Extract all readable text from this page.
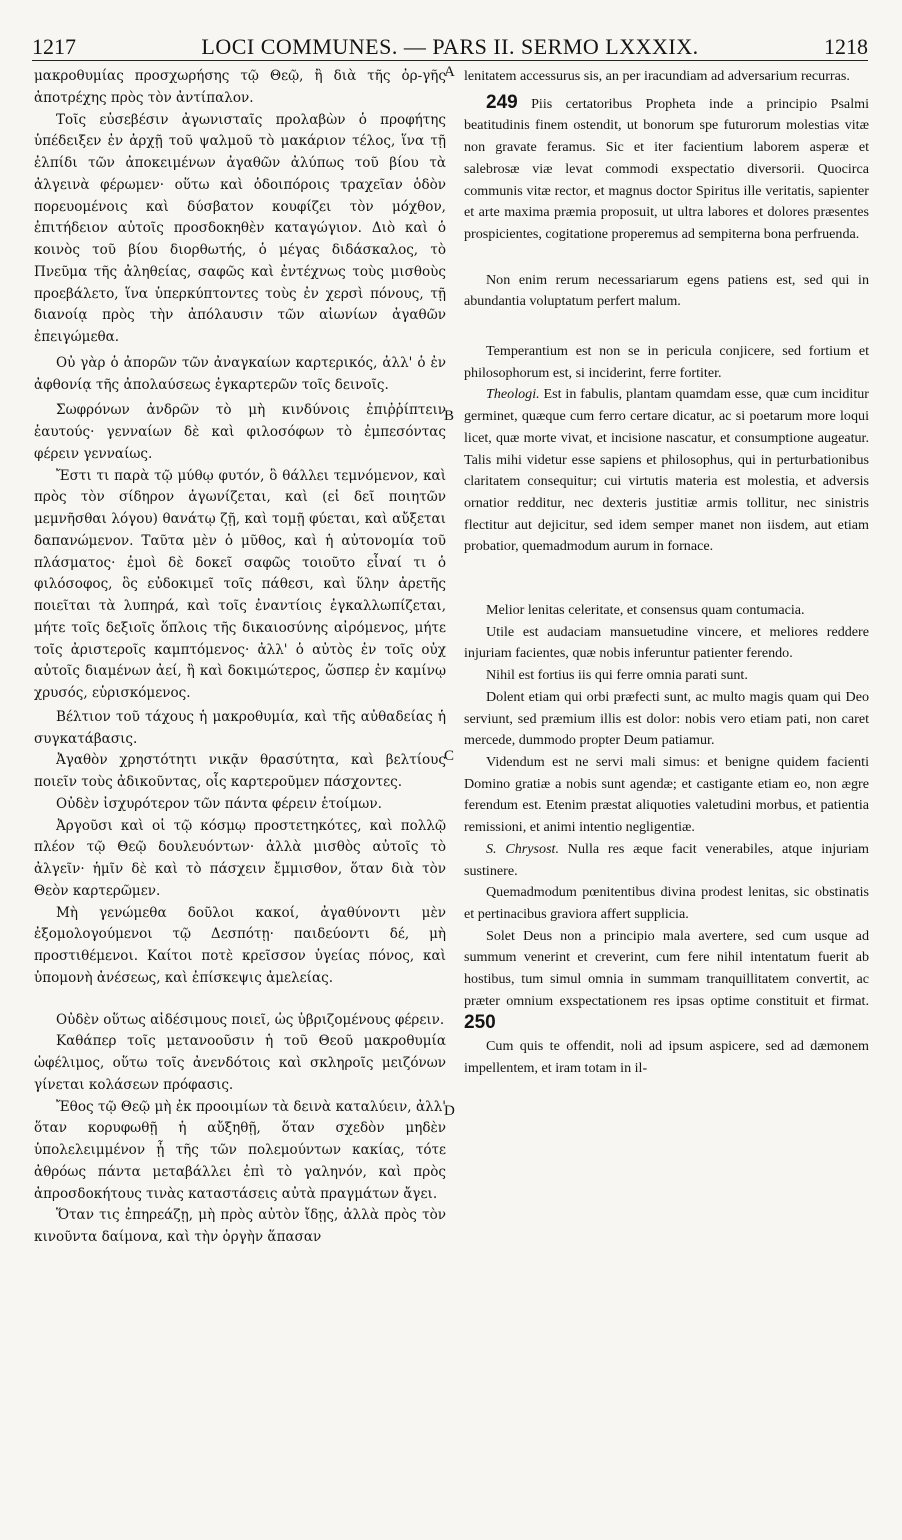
1217	LOCI COMMUNES. — PARS II. SERMO LXXXIX.	1218

μακροθυμίας προσχωρήσης τῷ Θεῷ, ἢ διὰ τῆς ὀρ-γῆς ἀποτρέχης πρὸς τὸν ἀντίπαλον.

Τοῖς εὐσεβέσιν ἀγωνισταῖς προλαβὼν ὁ προφήτης ὑπέδειξεν ἐν ἀρχῇ τοῦ ψαλμοῦ τὸ μακάριον τέλος, ἵνα τῇ ἐλπίδι τῶν ἀποκειμένων ἀγαθῶν ἀλύπως τοῦ βίου τὰ ἀλγεινὰ φέρωμεν· οὕτω καὶ ὁδοιπόροις τραχεῖαν ὁδὸν πορευομένοις καὶ δύσβατον κουφίζει τὸν μόχθον, ἐπιτήδειον αὐτοῖς προσδοκηθὲν καταγώγιον. Διὸ καὶ ὁ κοινὸς τοῦ βίου διορθωτής, ὁ μέγας διδάσκαλος, τὸ Πνεῦμα τῆς ἀληθείας, σαφῶς καὶ ἐντέχνως τοὺς μισθοὺς προεβάλετο, ἵνα ὑπερκύπτοντες τοὺς ἐν χερσὶ πόνους, τῇ διανοίᾳ πρὸς τὴν ἀπόλαυσιν τῶν αἰωνίων ἀγαθῶν ἐπειγώμεθα.

Οὐ γὰρ ὁ ἀπορῶν τῶν ἀναγκαίων καρτερικός, ἀλλ' ὁ ἐν ἀφθονίᾳ τῆς ἀπολαύσεως ἐγκαρτερῶν τοῖς δεινοῖς.

Σωφρόνων ἀνδρῶν τὸ μὴ κινδύνοις ἐπιῤῥίπτειν ἑαυτούς· γενναίων δὲ καὶ φιλοσόφων τὸ ἐμπεσόντας φέρειν γενναίως.

Ἔστι τι παρὰ τῷ μύθῳ φυτόν, ὃ θάλλει τεμνόμενον, καὶ πρὸς τὸν σίδηρον ἀγωνίζεται, καὶ (εἰ δεῖ ποιητῶν μεμνῆσθαι λόγου) θανάτῳ ζῇ, καὶ τομῇ φύεται, καὶ αὔξεται δαπανώμενον. Ταῦτα μὲν ὁ μῦθος, καὶ ἡ αὐτονομία τοῦ πλάσματος· ἐμοὶ δὲ δοκεῖ σαφῶς τοιοῦτο εἶναί τι ὁ φιλόσοφος, ὃς εὐδοκιμεῖ τοῖς πάθεσι, καὶ ὕλην ἀρετῆς ποιεῖται τὰ λυπηρά, καὶ τοῖς ἐναντίοις ἐγκαλλωπίζεται, μήτε τοῖς δεξιοῖς ὅπλοις τῆς δικαιοσύνης αἰρόμενος, μήτε τοῖς ἀριστεροῖς καμπτόμενος· ἀλλ' ὁ αὐτὸς ἐν τοῖς οὐχ αὐτοῖς διαμένων ἀεί, ἢ καὶ δοκιμώτερος, ὥσπερ ἐν καμίνῳ χρυσός, εὑρισκόμενος.

Βέλτιον τοῦ τάχους ἡ μακροθυμία, καὶ τῆς αὐθαδείας ἡ συγκατάβασις.

Ἀγαθὸν χρηστότητι νικᾷν θρασύτητα, καὶ βελτίους ποιεῖν τοὺς ἀδικοῦντας, οἷς καρτεροῦμεν πάσχοντες.

Οὐδὲν ἰσχυρότερον τῶν πάντα φέρειν ἑτοίμων.

Ἀργοῦσι καὶ οἱ τῷ κόσμῳ προστετηκότες, καὶ πολλῷ πλέον τῷ Θεῷ δουλευόντων· ἀλλὰ μισθὸς αὐτοῖς τὸ ἀλγεῖν· ἡμῖν δὲ καὶ τὸ πάσχειν ἔμμισθον, ὅταν διὰ τὸν Θεὸν καρτερῶμεν.

Μὴ γενώμεθα δοῦλοι κακοί, ἀγαθύνοντι μὲν ἐξομολογούμενοι τῷ Δεσπότῃ· παιδεύοντι δέ, μὴ προστιθέμενοι. Καίτοι ποτὲ κρεῖσσον ὑγείας πόνος, καὶ ὑπομονὴ ἀνέσεως, καὶ ἐπίσκεψις ἀμελείας.

Οὐδὲν οὕτως αἰδέσιμους ποιεῖ, ὡς ὑβριζομένους φέρειν.

Καθάπερ τοῖς μετανοοῦσιν ἡ τοῦ Θεοῦ μακροθυμία ὠφέλιμος, οὕτω τοῖς ἀνενδότοις καὶ σκληροῖς μειζόνων γίνεται κολάσεων πρόφασις.

Ἔθος τῷ Θεῷ μὴ ἐκ προοιμίων τὰ δεινὰ καταλύειν, ἀλλ' ὅταν κορυφωθῇ ἡ αὔξηθῇ, ὅταν σχεδὸν μηδὲν ὑπολελειμμένον ᾖ τῆς τῶν πολεμούντων κακίας, τότε ἀθρόως πάντα μεταβάλλει ἐπὶ τὸ γαληνόν, καὶ πρὸς ἀπροσδοκήτους τινὰς καταστάσεις αὐτὰ πραγμάτων ἄγει.

Ὅταν τις ἐπηρεάζῃ, μὴ πρὸς αὐτὸν ἴδῃς, ἀλλὰ πρὸς τὸν κινοῦντα δαίμονα, καὶ τὴν ὀργὴν ἅπασαν

A
B
C
D

lenitatem accessurus sis, an per iracundiam ad adversarium recurras.

249 Piis certatoribus Propheta inde a principio Psalmi beatitudinis finem ostendit, ut bonorum spe futurorum molestias vitæ non gravate feramus. Sic et iter facientium laborem asperæ et salebrosæ viæ levat commodi exspectatio diversorii. Quocirca communis vitæ rector, et magnus doctor Spiritus ille veritatis, sapienter et arte maxima præmia proposuit, ut ultra labores et dolores præsentes prospicientes, cogitatione properemus ad sempiterna bona perfruenda.

Non enim rerum necessariarum egens patiens est, sed qui in abundantia voluptatum perfert malum.

Temperantium est non se in pericula conjicere, sed fortium et philosophorum est, si inciderint, ferre fortiter.

Theologi. Est in fabulis, plantam quamdam esse, quæ cum inciditur germinet, quæque cum ferro certare dicatur, ac si poetarum more loqui licet, quæ morte vivat, et incisione nascatur, et consumptione augeatur. Talis mihi videtur esse sapiens et philosophus, qui in perturbationibus claritatem consequitur; cui virtutis materia est molestia, et adversis ornatior redditur, nec dexteris justitiæ armis tollitur, nec sinistris flectitur aut dejicitur, sed idem semper manet non iisdem, aut etiam probatior, quemadmodum aurum in fornace.

Melior lenitas celeritate, et consensus quam contumacia.

Utile est audaciam mansuetudine vincere, et meliores reddere injuriam facientes, quæ nobis inferuntur patienter ferendo.

Nihil est fortius iis qui ferre omnia parati sunt.

Dolent etiam qui orbi præfecti sunt, ac multo magis quam qui Deo serviunt, sed præmium illis est dolor: nobis vero etiam pati, non caret mercede, dummodo propter Deum patiamur.

Videndum est ne servi mali simus: et benigne quidem facienti Domino gratiæ a nobis sunt agendæ; et castigante etiam eo, non ægre ferendum est. Etenim præstat aliquoties valetudini morbus, et patientia remissioni, et animi intentio negligentiæ.

S. Chrysost. Nulla res æque facit venerabiles, atque injuriam sustinere.

Quemadmodum pœnitentibus divina prodest lenitas, sic obstinatis et pertinacibus graviora affert supplicia.

Solet Deus non a principio mala avertere, sed cum usque ad summum venerint et creverint, cum fere nihil intentatum fuerit ab hostibus, tum simul omnia in summam tranquillitatem convertit, ac præter omnium exspectationem res ipsas optime constituit et firmat. 250

Cum quis te offendit, noli ad ipsum aspicere, sed ad dæmonem impellentem, et iram totam in il-
